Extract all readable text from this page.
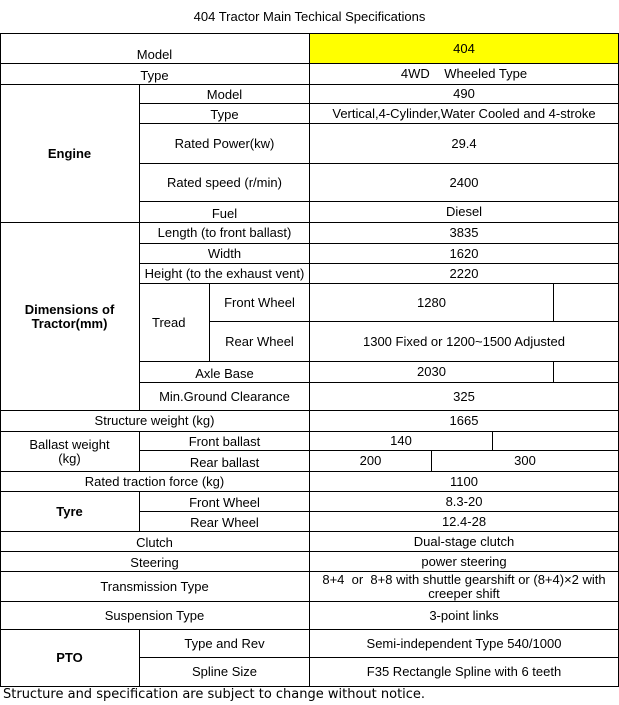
404 Tractor Main Techical Specifications
Model	404
Type	4WD    Wheeled Type
Engine
Model	490
Type	Vertical,4-Cylinder,Water Cooled and 4-stroke
Rated Power(kw)	29.4
Rated speed (r/min)	2400
Fuel	Diesel
Dimensions of Tractor(mm)
Length (to front ballast)	3835
Width	1620
Height (to the exhaust vent)	2220
Tread
Front Wheel	1280
Rear Wheel	1300 Fixed or 1200~1500 Adjusted
Axle Base	2030
Min.Ground Clearance	325
Structure weight (kg)	1665
Ballast weight (kg)
Front ballast	140
Rear ballast	200	300
Rated traction force (kg)	1100
Tyre
Front Wheel	8.3-20
Rear Wheel	12.4-28
Clutch	Dual-stage clutch
Steering	power steering
Transmission Type	8+4  or  8+8 with shuttle gearshift or (8+4)×2 with creeper shift
Suspension Type	3-point links
PTO
Type and Rev	Semi-independent Type 540/1000
Spline Size	F35 Rectangle Spline with 6 teeth
Structure and specification are subject to change without notice.
